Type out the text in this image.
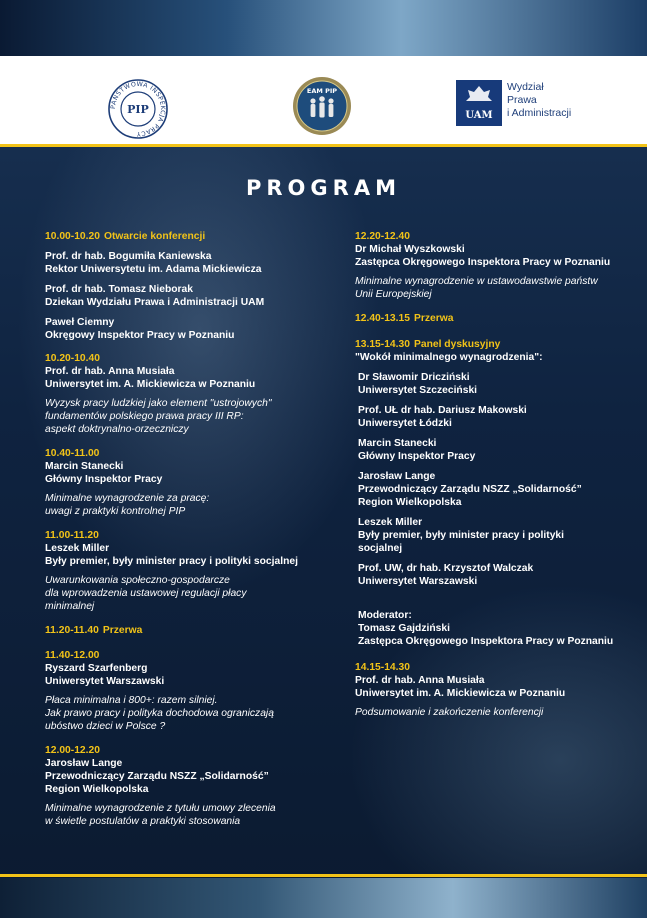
PAŃSTWOWA INSPEKCJA PRACY
PIP
EAM PIP
UAM
Wydział
Prawa
i Administracji
PROGRAM
10.00-10.20 Otwarcie konferencji
Prof. dr hab. Bogumiła Kaniewska
Rektor Uniwersytetu im. Adama Mickiewicza
Prof. dr hab. Tomasz Nieborak
Dziekan Wydziału Prawa i Administracji UAM
Paweł Ciemny
Okręgowy Inspektor Pracy w Poznaniu
10.20-10.40
Prof. dr hab. Anna Musiała
Uniwersytet im. A. Mickiewicza w Poznaniu
Wyzysk pracy ludzkiej jako element "ustrojowych"
fundamentów polskiego prawa pracy III RP:
aspekt doktrynalno-orzeczniczy
10.40-11.00
Marcin Stanecki
Główny Inspektor Pracy
Minimalne wynagrodzenie za pracę:
uwagi z praktyki kontrolnej PIP
11.00-11.20
Leszek Miller
Były premier, były minister pracy i polityki socjalnej
Uwarunkowania społeczno-gospodarcze
dla wprowadzenia ustawowej regulacji płacy
minimalnej
11.20-11.40 Przerwa
11.40-12.00
Ryszard Szarfenberg
Uniwersytet Warszawski
Płaca minimalna i 800+: razem silniej.
Jak prawo pracy i polityka dochodowa ograniczają
ubóstwo dzieci w Polsce ?
12.00-12.20
Jarosław Lange
Przewodniczący Zarządu NSZZ „Solidarność”
Region Wielkopolska
Minimalne wynagrodzenie z tytułu umowy zlecenia
w świetle postulatów a praktyki stosowania
12.20-12.40
Dr Michał Wyszkowski
Zastępca Okręgowego Inspektora Pracy w Poznaniu
Minimalne wynagrodzenie w ustawodawstwie państw
Unii Europejskiej
12.40-13.15 Przerwa
13.15-14.30 Panel dyskusyjny
"Wokół minimalnego wynagrodzenia":
Dr Sławomir Dricziński
Uniwersytet Szczeciński
Prof. UŁ dr hab. Dariusz Makowski
Uniwersytet Łódzki
Marcin Stanecki
Główny Inspektor Pracy
Jarosław Lange
Przewodniczący Zarządu NSZZ „Solidarność”
Region Wielkopolska
Leszek Miller
Były premier, były minister pracy i polityki
socjalnej
Prof. UW, dr hab. Krzysztof Walczak
Uniwersytet Warszawski
Moderator:
Tomasz Gajdziński
Zastępca Okręgowego Inspektora Pracy w Poznaniu
14.15-14.30
Prof. dr hab. Anna Musiała
Uniwersytet im. A. Mickiewicza w Poznaniu
Podsumowanie i zakończenie konferencji
